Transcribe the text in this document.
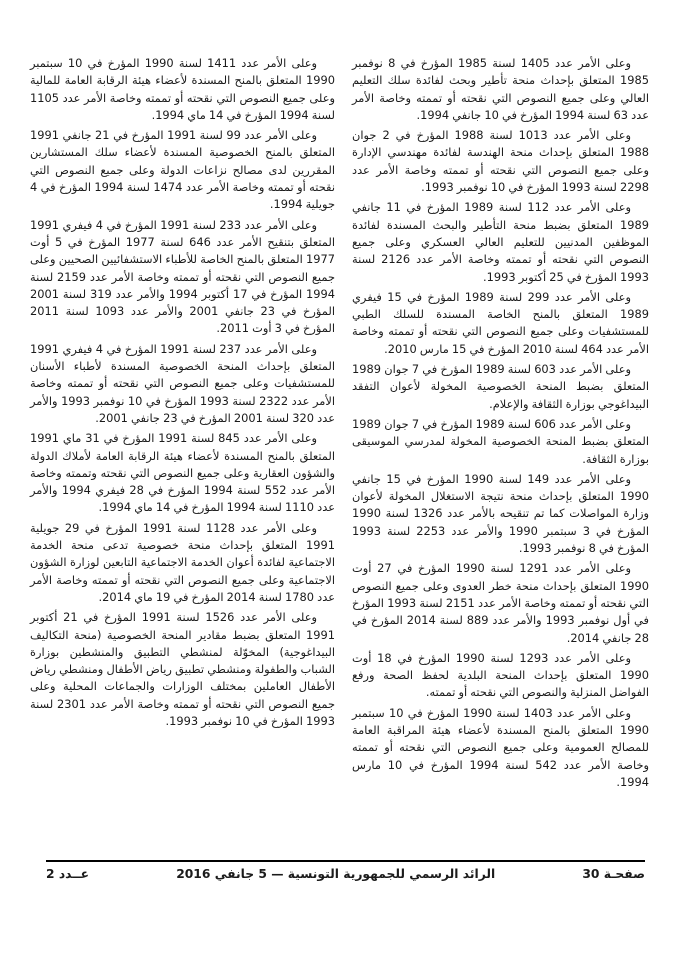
وعلى الأمر عدد 1405 لسنة 1985 المؤرخ في 8 نوفمبر 1985 المتعلق بإحداث منحة تأطير وبحث لفائدة سلك التعليم العالي وعلى جميع النصوص التي نقحته أو تممته وخاصة الأمر عدد 63 لسنة 1994 المؤرخ في 10 جانفي 1994.

وعلى الأمر عدد 1013 لسنة 1988 المؤرخ في 2 جوان 1988 المتعلق بإحداث منحة الهندسة لفائدة مهندسي الإدارة وعلى جميع النصوص التي نقحته أو تممته وخاصة الأمر عدد 2298 لسنة 1993 المؤرخ في 10 نوفمبر 1993.

وعلى الأمر عدد 112 لسنة 1989 المؤرخ في 11 جانفي 1989 المتعلق بضبط منحة التأطير والبحث المسندة لفائدة الموظفين المدنيين للتعليم العالي العسكري وعلى جميع النصوص التي نقحته أو تممته وخاصة الأمر عدد 2126 لسنة 1993 المؤرخ في 25 أكتوبر 1993.

وعلى الأمر عدد 299 لسنة 1989 المؤرخ في 15 فيفري 1989 المتعلق بالمنح الخاصة المسندة للسلك الطبي للمستشفيات وعلى جميع النصوص التي نقحته أو تممته وخاصة الأمر عدد 464 لسنة 2010 المؤرخ في 15 مارس 2010.

وعلى الأمر عدد 603 لسنة 1989 المؤرخ في 7 جوان 1989 المتعلق بضبط المنحة الخصوصية المخولة لأعوان التفقد البيداغوجي بوزارة الثقافة والإعلام.

وعلى الأمر عدد 606 لسنة 1989 المؤرخ في 7 جوان 1989 المتعلق بضبط المنحة الخصوصية المخولة لمدرسي الموسيقى بوزارة الثقافة.

وعلى الأمر عدد 149 لسنة 1990 المؤرخ في 15 جانفي 1990 المتعلق بإحداث منحة نتيجة الاستغلال المخولة لأعوان وزارة المواصلات كما تم تنقيحه بالأمر عدد 1326 لسنة 1990 المؤرخ في 3 سبتمبر 1990 والأمر عدد 2253 لسنة 1993 المؤرخ في 8 نوفمبر 1993.

وعلى الأمر عدد 1291 لسنة 1990 المؤرخ في 27 أوت 1990 المتعلق بإحداث منحة خطر العدوى وعلى جميع النصوص التي نقحته أو تممته وخاصة الأمر عدد 2151 لسنة 1993 المؤرخ في أول نوفمبر 1993 والأمر عدد 889 لسنة 2014 المؤرخ في 28 جانفي 2014.

وعلى الأمر عدد 1293 لسنة 1990 المؤرخ في 18 أوت 1990 المتعلق بإحداث المنحة البلدية لحفظ الصحة ورفع الفواضل المنزلية والنصوص التي نقحته أو تممته.

وعلى الأمر عدد 1403 لسنة 1990 المؤرخ في 10 سبتمبر 1990 المتعلق بالمنح المسندة لأعضاء هيئة المراقبة العامة للمصالح العمومية وعلى جميع النصوص التي نقحته أو تممته وخاصة الأمر عدد 542 لسنة 1994 المؤرخ في 10 مارس 1994.

وعلى الأمر عدد 1411 لسنة 1990 المؤرخ في 10 سبتمبر 1990 المتعلق بالمنح المسندة لأعضاء هيئة الرقابة العامة للمالية وعلى جميع النصوص التي نقحته أو تممته وخاصة الأمر عدد 1105 لسنة 1994 المؤرخ في 14 ماي 1994.

وعلى الأمر عدد 99 لسنة 1991 المؤرخ في 21 جانفي 1991 المتعلق بالمنح الخصوصية المسندة لأعضاء سلك المستشارين المقررين لدى مصالح نزاعات الدولة وعلى جميع النصوص التي نقحته أو تممته وخاصة الأمر عدد 1474 لسنة 1994 المؤرخ في 4 جويلية 1994.

وعلى الأمر عدد 233 لسنة 1991 المؤرخ في 4 فيفري 1991 المتعلق بتنقيح الأمر عدد 646 لسنة 1977 المؤرخ في 5 أوت 1977 المتعلق بالمنح الخاصة للأطباء الاستشفائيين الصحيين وعلى جميع النصوص التي نقحته أو تممته وخاصة الأمر عدد 2159 لسنة 1994 المؤرخ في 17 أكتوبر 1994 والأمر عدد 319 لسنة 2001 المؤرخ في 23 جانفي 2001 والأمر عدد 1093 لسنة 2011 المؤرخ في 3 أوت 2011.

وعلى الأمر عدد 237 لسنة 1991 المؤرخ في 4 فيفري 1991 المتعلق بإحداث المنحة الخصوصية المسندة لأطباء الأسنان للمستشفيات وعلى جميع النصوص التي نقحته أو تممته وخاصة الأمر عدد 2322 لسنة 1993 المؤرخ في 10 نوفمبر 1993 والأمر عدد 320 لسنة 2001 المؤرخ في 23 جانفي 2001.

وعلى الأمر عدد 845 لسنة 1991 المؤرخ في 31 ماي 1991 المتعلق بالمنح المسندة لأعضاء هيئة الرقابة العامة لأملاك الدولة والشؤون العقارية وعلى جميع النصوص التي نقحته وتممته وخاصة الأمر عدد 552 لسنة 1994 المؤرخ في 28 فيفري 1994 والأمر عدد 1110 لسنة 1994 المؤرخ في 14 ماي 1994.

وعلى الأمر عدد 1128 لسنة 1991 المؤرخ في 29 جويلية 1991 المتعلق بإحداث منحة خصوصية تدعى منحة الخدمة الاجتماعية لفائدة أعوان الخدمة الاجتماعية التابعين لوزارة الشؤون الاجتماعية وعلى جميع النصوص التي نقحته أو تممته وخاصة الأمر عدد 1780 لسنة 2014 المؤرخ في 19 ماي 2014.

وعلى الأمر عدد 1526 لسنة 1991 المؤرخ في 21 أكتوبر 1991 المتعلق بضبط مقادير المنحة الخصوصية (منحة التكاليف البيداغوجية) المخوّلة لمنشطي التطبيق والمنشطين بوزارة الشباب والطفولة ومنشطي تطبيق رياض الأطفال ومنشطي رياض الأطفال العاملين بمختلف الوزارات والجماعات المحلية وعلى جميع النصوص التي نقحته أو تممته وخاصة الأمر عدد 2301 لسنة 1993 المؤرخ في 10 نوفمبر 1993.

صفحـة 30
الرائد الرسمي للجمهورية التونسية — 5 جانفي 2016
عــدد 2
